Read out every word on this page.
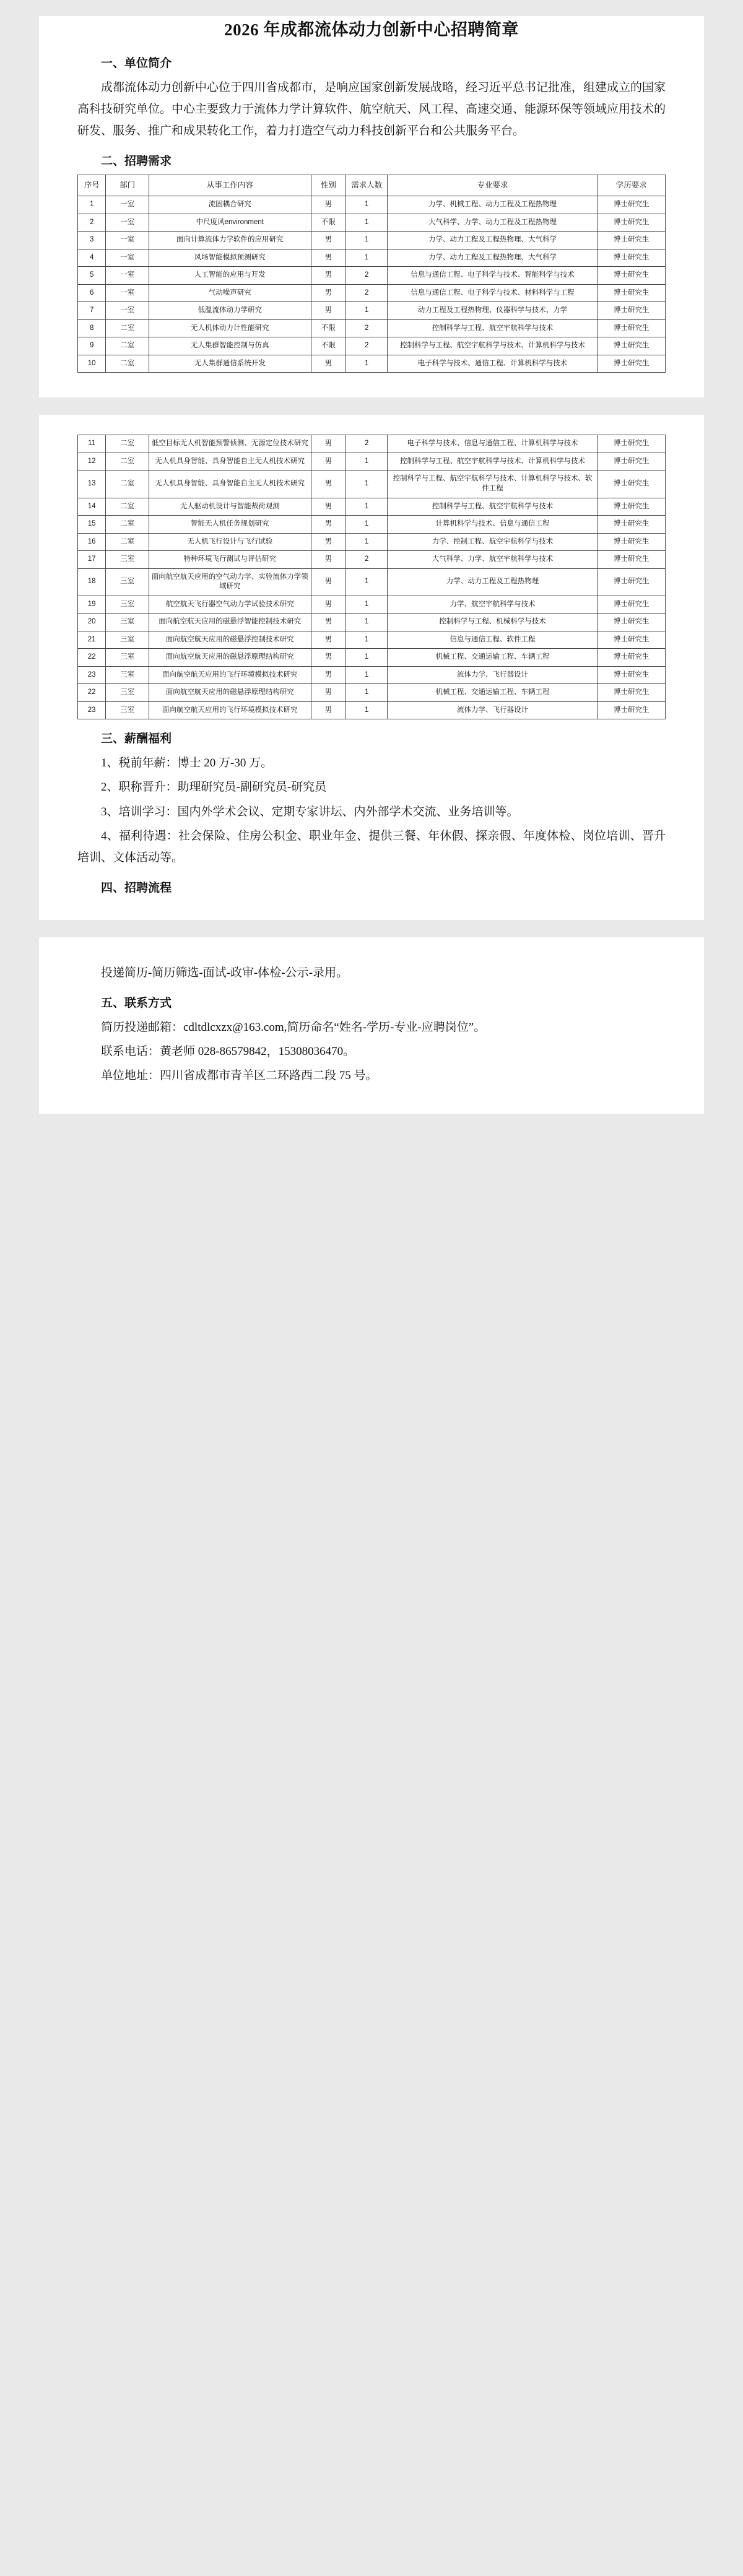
2026 年成都流体动力创新中心招聘简章
一、单位简介

成都流体动力创新中心位于四川省成都市，是响应国家创新发展战略，经习近平总书记批准，组建成立的国家高科技研究单位。中心主要致力于流体力学计算软件、航空航天、风工程、高速交通、能源环保等领域应用技术的研发、服务、推广和成果转化工作，着力打造空气动力科技创新平台和公共服务平台。

二、招聘需求
序号	部门	从事工作内容	性别	需求人数	专业要求	学历要求
1	一室	流固耦合研究	男	1	力学、机械工程、动力工程及工程热物理	博士研究生
2	一室	中尺度风environment	不限	1	大气科学、力学、动力工程及工程热物理	博士研究生
3	一室	面向计算流体力学软件的应用研究	男	1	力学、动力工程及工程热物理、大气科学	博士研究生
4	一室	风场智能模拟预测研究	男	1	力学、动力工程及工程热物理、大气科学	博士研究生
5	一室	人工智能的应用与开发	男	2	信息与通信工程、电子科学与技术、智能科学与技术	博士研究生
6	一室	气动噪声研究	男	2	信息与通信工程、电子科学与技术、材料科学与工程	博士研究生
7	一室	低温流体动力学研究	男	1	动力工程及工程热物理、仪器科学与技术、力学	博士研究生
8	二室	无人机体动力计性能研究	不限	2	控制科学与工程、航空宇航科学与技术	博士研究生
9	二室	无人集群智能控制与仿真	不限	2	控制科学与工程、航空宇航科学与技术、计算机科学与技术	博士研究生
10	二室	无人集群通信系统开发	男	1	电子科学与技术、通信工程、计算机科学与技术	博士研究生
11	二室	低空目标无人机智能预警侦测、无源定位技术研究	男	2	电子科学与技术、信息与通信工程、计算机科学与技术	博士研究生
12	二室	无人机具身智能、具身智能自主无人机技术研究	男	1	控制科学与工程、航空宇航科学与技术、计算机科学与技术	博士研究生
13	二室	无人机具身智能、具身智能自主无人机技术研究	男	1	控制科学与工程、航空宇航科学与技术、计算机科学与技术、软件工程	博士研究生
14	二室	无人驱动机设计与智能裁荷观测	男	1	控制科学与工程、航空宇航科学与技术	博士研究生
15	二室	智能无人机任务规划研究	男	1	计算机科学与技术、信息与通信工程	博士研究生
16	二室	无人机飞行设计与飞行试验	男	1	力学、控制工程、航空宇航科学与技术	博士研究生
17	三室	特种环境飞行测试与评估研究	男	2	大气科学、力学、航空宇航科学与技术	博士研究生
18	三室	面向航空航天应用的空气动力学、实验流体力学领域研究	男	1	力学、动力工程及工程热物理	博士研究生
19	三室	航空航天飞行器空气动力学试验技术研究	男	1	力学、航空宇航科学与技术	博士研究生
20	三室	面向航空航天应用的磁悬浮智能控制技术研究	男	1	控制科学与工程、机械科学与技术	博士研究生
21	三室	面向航空航天应用的磁悬浮控制技术研究	男	1	信息与通信工程、软件工程	博士研究生
22	三室	面向航空航天应用的磁悬浮原理结构研究	男	1	机械工程、交通运输工程、车辆工程	博士研究生
23	三室	面向航空航天应用的飞行环境模拟技术研究	男	1	流体力学、飞行器设计	博士研究生
22	三室	面向航空航天应用的磁悬浮原理结构研究	男	1	机械工程、交通运输工程、车辆工程	博士研究生
23	三室	面向航空航天应用的飞行环境模拟技术研究	男	1	流体力学、飞行器设计	博士研究生
三、薪酬福利

1、税前年薪：博士 20 万-30 万。

2、职称晋升：助理研究员-副研究员-研究员

3、培训学习：国内外学术会议、定期专家讲坛、内外部学术交流、业务培训等。

4、福利待遇：社会保险、住房公积金、职业年金、提供三餐、年休假、探亲假、年度体检、岗位培训、晋升培训、文体活动等。

四、招聘流程

投递简历-简历筛选-面试-政审-体检-公示-录用。

五、联系方式

简历投递邮箱：cdltdlcxzx@163.com,简历命名“姓名-学历-专业-应聘岗位”。

联系电话：黄老师 028-86579842，15308036470。

单位地址：四川省成都市青羊区二环路西二段 75 号。
